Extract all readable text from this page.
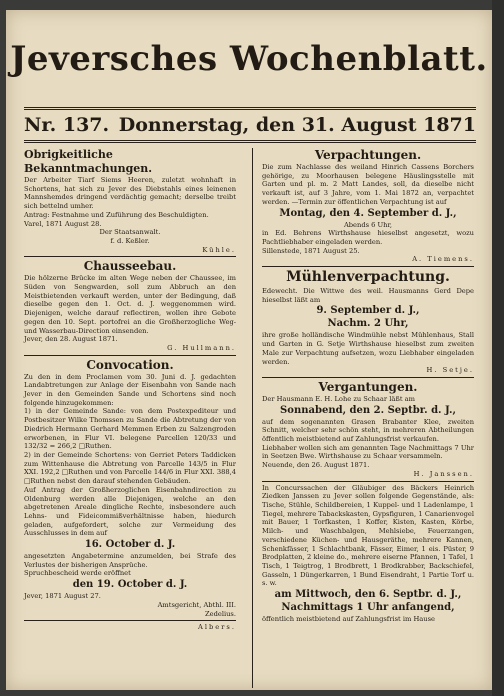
Jeversches Wochenblatt.
Nr. 137. Donnerstag, den 31. August 1871

Obrigkeitliche Bekanntmachungen.

Der Arbeiter Tiarf Siems Heeren, zuletzt wohnhaft in Schortens, hat sich zu Jever des Diebstahls eines leinenen Mannshemdes dringend verdächtig gemacht; derselbe treibt sich bettelnd umher.

Antrag: Festnahme und Zuführung des Beschuldigten.

Varel, 1871 August 28.

Der Staatsanwalt.

f. d. Keßler.

Kühle.

Chausseebau.

Die hölzerne Brücke im alten Wege neben der Chaussee, im Süden von Sengwarden, soll zum Abbruch an den Meistbietenden verkauft werden, unter der Bedingung, daß dieselbe gegen den 1. Oct. d. J. weggenommen wird. Diejenigen, welche darauf reflectiren, wollen ihre Gebote gegen den 10. Sept. portofrei an die Großherzogliche Weg- und Wasserbau-Direction einsenden.

Jever, den 28. August 1871.

G. Hullmann.

Convocation.

Zu den in dem Proclamen vom 30. Juni d. J. gedachten Landabtretungen zur Anlage der Eisenbahn von Sande nach Jever in den Gemeinden Sande und Schortens sind noch folgende hinzugekommen:

1) in der Gemeinde Sande: von dem Postexpediteur und Postbesitzer Wilke Thomssen zu Sande die Abtretung der von Diedrich Hermann Gerhard Memmen Erben zu Salzengroden erworbenen, in Flur VI. belegene Parcellen 120/33 und 132/32 = 266,2 □Ruthen.

2) in der Gemeinde Schortens: von Gerriet Peters Taddicken zum Wittenhause die Abtretung von Parcelle 143/5 in Flur XXI. 192,2 □Ruthen und von Parcelle 144/6 in Flur XXI. 388,4 □Ruthen nebst den darauf stehenden Gebäuden.

Auf Antrag der Großherzoglichen Eisenbahndirection zu Oldenburg werden alle Diejenigen, welche an den abgetretenen Areale dingliche Rechte, insbesondere auch Lehns- und Fideicommißverhältnisse haben, hiedurch geladen, aufgefordert, solche zur Vermeidung des Ausschlusses in dem auf

16. October d. J.

angesetzten Angabetermine anzumelden, bei Strafe des Verlustes der bisherigen Ansprüche.

Spruchbescheid werde eröffnet

den 19. October d. J.

Jever, 1871 August 27.

Amtsgericht, Abthl. III.

Zedelius.

Albers.

Verpachtungen.

Die zum Nachlasse des weiland Hinrich Cassens Borchers gehörige, zu Moorhausen belegene Häuslingsstelle mit Garten und pl. m. 2 Matt Landes, soll, da dieselbe nicht verkauft ist, auf 3 Jahre, vom 1. Mai 1872 an, verpachtet werden. —Termin zur öffentlichen Verpachtung ist auf

Montag, den 4. September d. J.,

Abends 6 Uhr,

in Ed. Behrens Wirthshause hieselbst angesetzt, wozu Pachtliebhaber eingeladen werden.

Sillenstede, 1871 August 25.

A. Tiemens.

Mühlenverpachtung.

Edewecht. Die Wittwe des weil. Hausmanns Gerd Depe hieselbst läßt am

9. September d. J.,

Nachm. 2 Uhr,

ihre große holländische Windmühle nebst Mühlenhaus, Stall und Garten in G. Setje Wirthshause hieselbst zum zweiten Male zur Verpachtung aufsetzen, wozu Liebhaber eingeladen werden.

H. Setje.

Vergantungen.

Der Hausmann E. H. Lohe zu Schaar läßt am

Sonnabend, den 2. Septbr. d. J.,

auf dem sogenannten Grasen Brabanter Klee, zweiten Schnitt, welcher sehr schön steht, in mehreren Abtheilungen öffentlich meistbietend auf Zahlungsfrist verkaufen.

Liebhaber wollen sich am genannten Tage Nachmittags 7 Uhr in Seetzen Bwe. Wirthshause zu Schaar versammeln.

Neuende, den 26. August 1871.

H. Janssen.

In Concurssachen der Gläubiger des Bäckers Heinrich Ziedken Janssen zu Jever sollen folgende Gegenstände, als: Tische, Stühle, Schildbereien, 1 Kuppel- und 1 Ladenlampe, 1 Tiegel, mehrere Tabackskasten, Gypsfiguren, 1 Canarienvogel mit Bauer, 1 Torfkasten, 1 Koffer, Kisten, Kasten, Körbe, Milch- und Waschbalgen, Mehlsiebe, Feuerzangen, verschiedene Küchen- und Hausgeräthe, mehrere Kannen, Schenkfässer, 1 Schlachtbank, Fässer, Eimer, 1 eis. Püster, 9 Brodplatten, 2 kleine do., mehrere eiserne Pfannen, 1 Tafel, 1 Tisch, 1 Teigtrog, 1 Brodbrett, 1 Brodkrabber, Backschiefel, Gasseln, 1 Düngerkarren, 1 Bund Eisendraht, 1 Partie Torf u. s. w.

am Mittwoch, den 6. Septbr. d. J.,

Nachmittags 1 Uhr anfangend,

öffentlich meistbietend auf Zahlungsfrist im Hause
